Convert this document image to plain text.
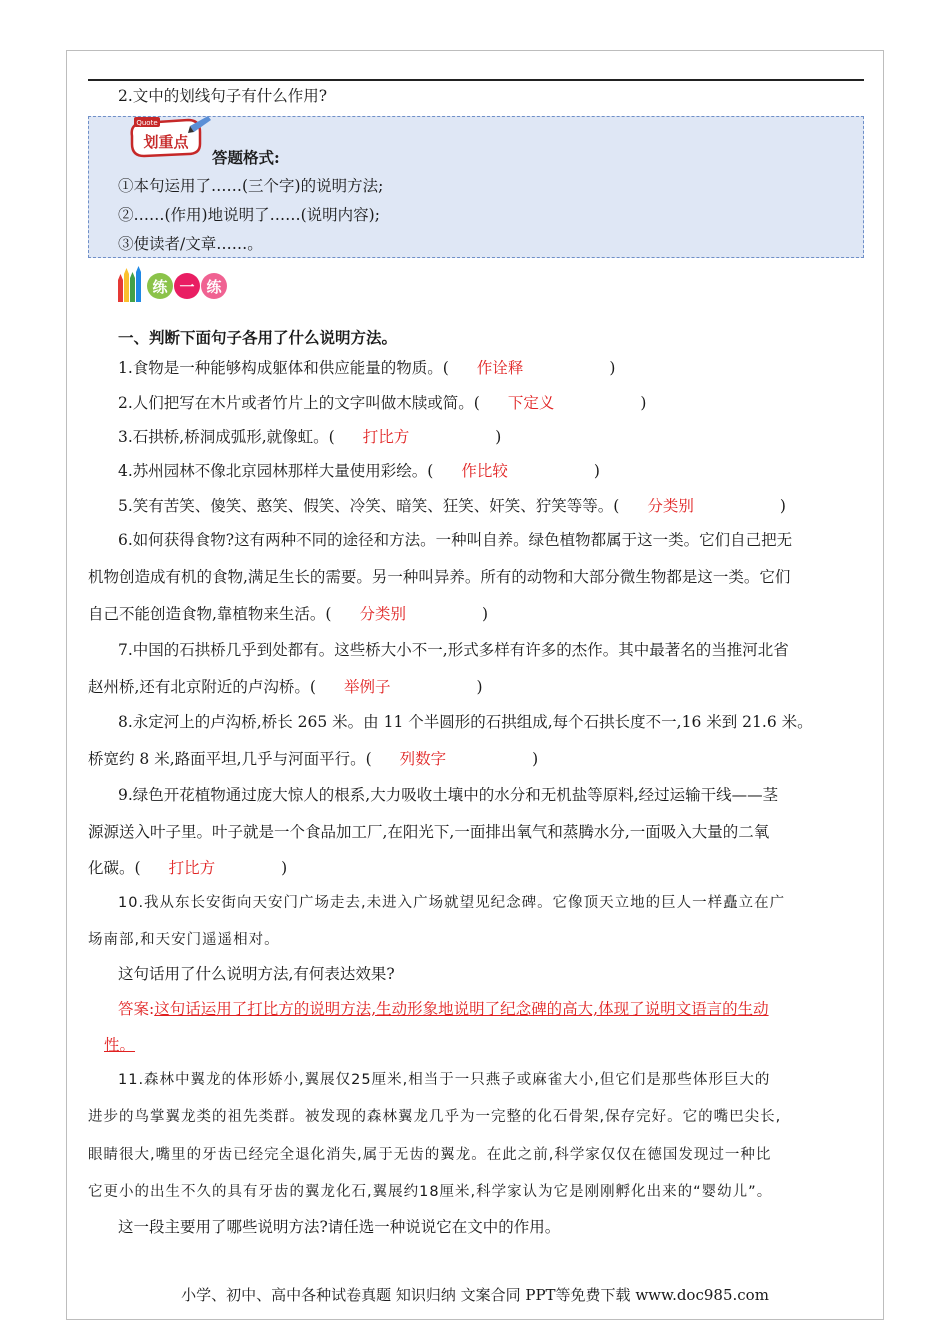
2.文中的划线句子有什么作用?
Quote
划重点
答题格式:
①本句运用了……(三个字)的说明方法;
②……(作用)地说明了……(说明内容);
③使读者/文章……。
练 一 练
一、判断下面句子各用了什么说明方法。
1.食物是一种能够构成躯体和供应能量的物质。( 作诠释	)
2.人们把写在木片或者竹片上的文字叫做木牍或简。( 下定义	)
3.石拱桥,桥洞成弧形,就像虹。( 打比方	)
4.苏州园林不像北京园林那样大量使用彩绘。( 作比较	)
5.笑有苦笑、傻笑、憨笑、假笑、冷笑、暗笑、狂笑、奸笑、狞笑等等。( 分类别	)
6.如何获得食物?这有两种不同的途径和方法。一种叫自养。绿色植物都属于这一类。它们自己把无
机物创造成有机的食物,满足生长的需要。另一种叫异养。所有的动物和大部分微生物都是这一类。它们
自己不能创造食物,靠植物来生活。( 分类别	)
7.中国的石拱桥几乎到处都有。这些桥大小不一,形式多样有许多的杰作。其中最著名的当推河北省
赵州桥,还有北京附近的卢沟桥。( 举例子	)
8.永定河上的卢沟桥,桥长 265 米。由 11 个半圆形的石拱组成,每个石拱长度不一,16 米到 21.6 米。
桥宽约 8 米,路面平坦,几乎与河面平行。( 列数字	)
9.绿色开花植物通过庞大惊人的根系,大力吸收土壤中的水分和无机盐等原料,经过运输干线——茎
源源送入叶子里。叶子就是一个食品加工厂,在阳光下,一面排出氧气和蒸腾水分,一面吸入大量的二氧
化碳。( 打比方	)
10.我从东长安街向天安门广场走去,未进入广场就望见纪念碑。它像顶天立地的巨人一样矗立在广
场南部,和天安门遥遥相对。
这句话用了什么说明方法,有何表达效果?
答案:这句话运用了打比方的说明方法,生动形象地说明了纪念碑的高大,体现了说明文语言的生动
性。
11.森林中翼龙的体形娇小,翼展仅25厘米,相当于一只燕子或麻雀大小,但它们是那些体形巨大的
进步的鸟掌翼龙类的祖先类群。被发现的森林翼龙几乎为一完整的化石骨架,保存完好。它的嘴巴尖长,
眼睛很大,嘴里的牙齿已经完全退化消失,属于无齿的翼龙。在此之前,科学家仅仅在德国发现过一种比
它更小的出生不久的具有牙齿的翼龙化石,翼展约18厘米,科学家认为它是刚刚孵化出来的“婴幼儿”。
这一段主要用了哪些说明方法?请任选一种说说它在文中的作用。
小学、初中、高中各种试卷真题 知识归纳 文案合同 PPT等免费下载 www.doc985.com
